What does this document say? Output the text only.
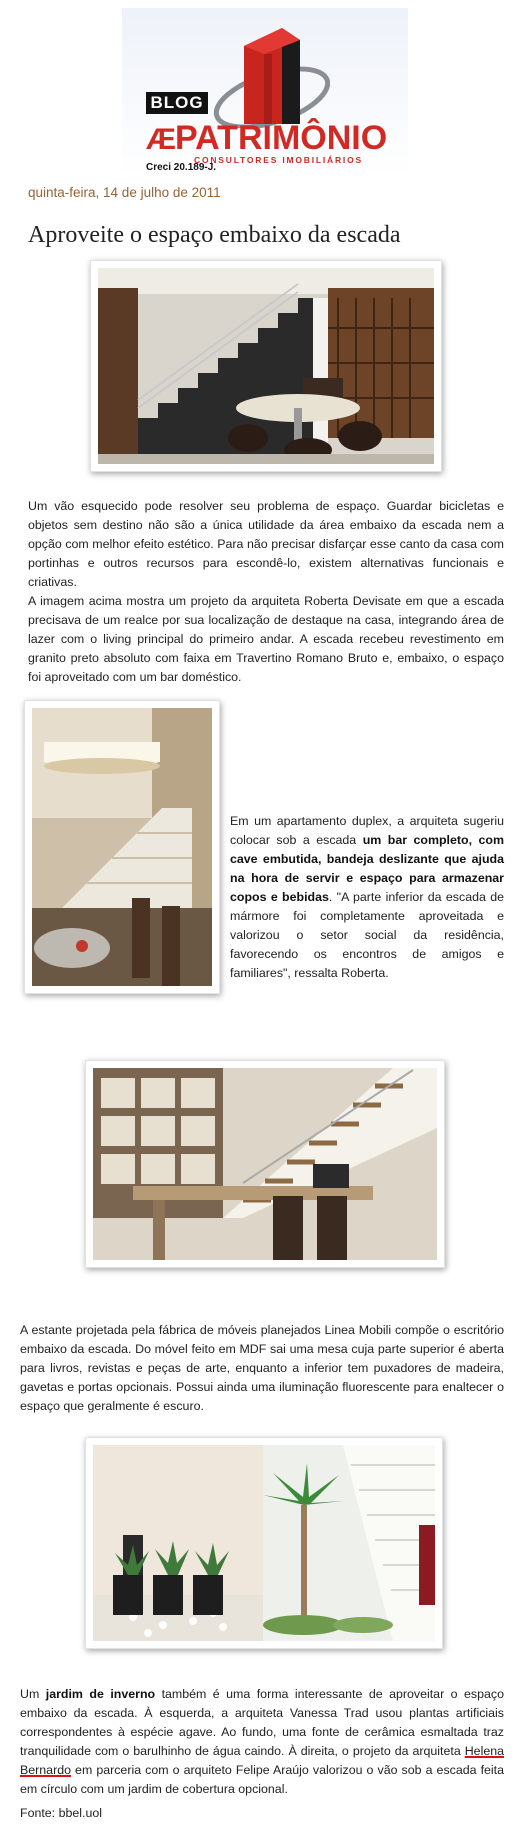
BLOG
ÆPATRIMÔNIO
CONSULTORES IMOBILIÁRIOS
Creci 20.189-J.
quinta-feira, 14 de julho de 2011
Aproveite o espaço embaixo da escada

Um vão esquecido pode resolver seu problema de espaço. Guardar bicicletas e objetos sem destino não são a única utilidade da área embaixo da escada nem a opção com melhor efeito estético. Para não precisar disfarçar esse canto da casa com portinhas e outros recursos para escondê-lo, existem alternativas funcionais e criativas.

A imagem acima mostra um projeto da arquiteta Roberta Devisate em que a escada precisava de um realce por sua localização de destaque na casa, integrando área de lazer com o living principal do primeiro andar. A escada recebeu revestimento em granito preto absoluto com faixa em Travertino Romano Bruto e, embaixo, o espaço foi aproveitado com um bar doméstico.

Em um apartamento duplex, a arquiteta sugeriu colocar sob a escada um bar completo, com cave embutida, bandeja deslizante que ajuda na hora de servir e espaço para armazenar copos e bebidas. "A parte inferior da escada de mármore foi completamente aproveitada e valorizou o setor social da residência, favorecendo os encontros de amigos e familiares", ressalta Roberta.

A estante projetada pela fábrica de móveis planejados Linea Mobili compõe o escritório embaixo da escada. Do móvel feito em MDF sai uma mesa cuja parte superior é aberta para livros, revistas e peças de arte, enquanto a inferior tem puxadores de madeira, gavetas e portas opcionais. Possui ainda uma iluminação fluorescente para enaltecer o espaço que geralmente é escuro.

Um jardim de inverno também é uma forma interessante de aproveitar o espaço embaixo da escada. À esquerda, a arquiteta Vanessa Trad usou plantas artificiais correspondentes à espécie agave. Ao fundo, uma fonte de cerâmica esmaltada traz tranquilidade com o barulhinho de água caindo. À direita, o projeto da arquiteta Helena Bernardo em parceria com o arquiteto Felipe Araújo valorizou o vão sob a escada feita em círculo com um jardim de cobertura opcional.

Fonte: bbel.uol
